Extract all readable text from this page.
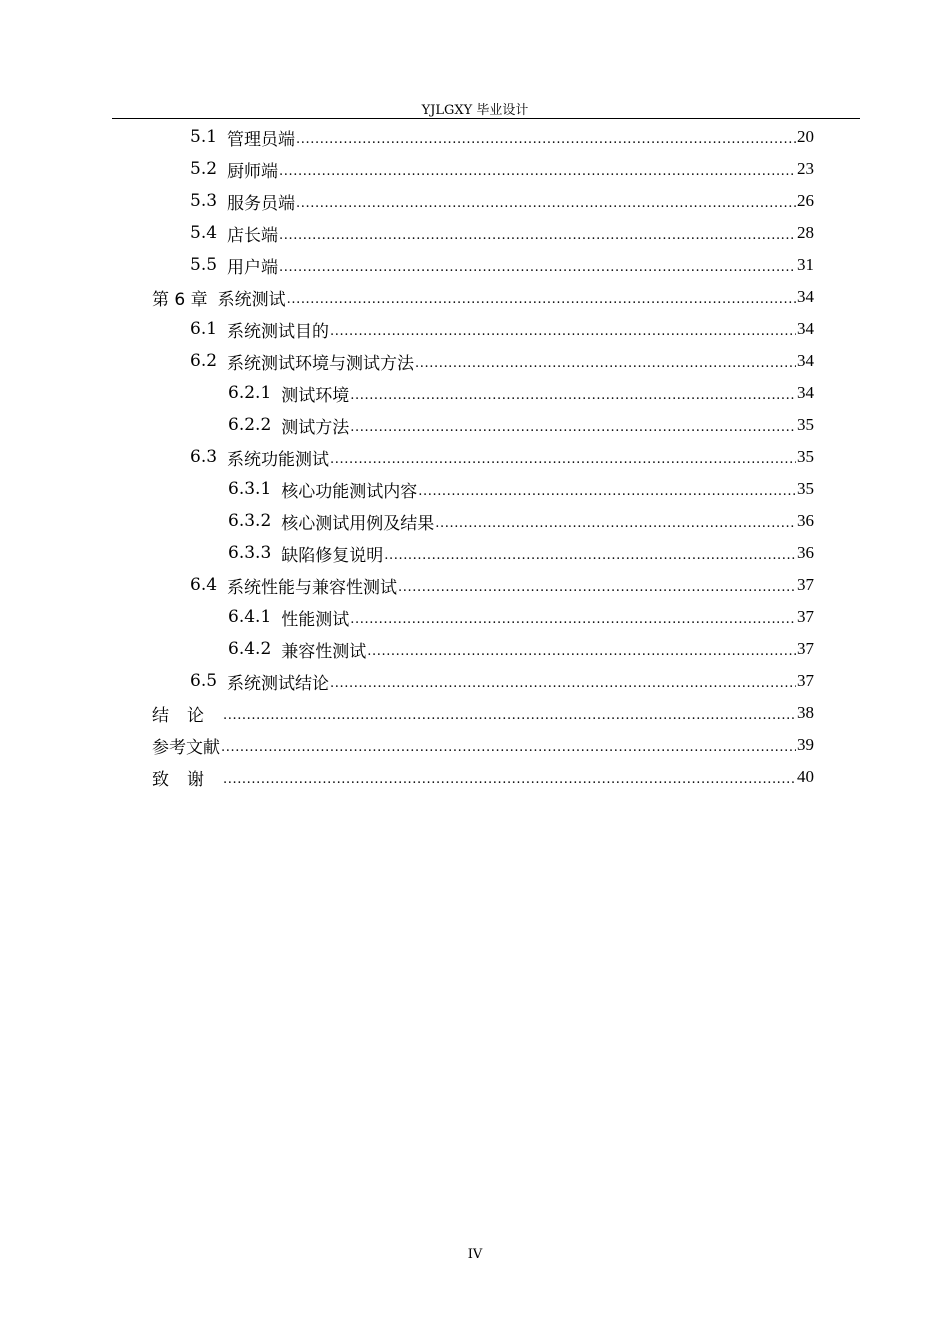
YJLGXY 毕业设计
5.1 管理员端 .....	20
5.2 厨师端 .....	23
5.3 服务员端 .....	26
5.4 店长端 .....	28
5.5 用户端 .....	31
第 6 章 系统测试 .....	34
6.1 系统测试目的 .....	34
6.2 系统测试环境与测试方法 .....	34
6.2.1 测试环境 .....	34
6.2.2 测试方法 .....	35
6.3 系统功能测试 .....	35
6.3.1 核心功能测试内容 .....	35
6.3.2 核心测试用例及结果 .....	36
6.3.3 缺陷修复说明 .....	36
6.4 系统性能与兼容性测试 .....	37
6.4.1 性能测试 .....	37
6.4.2 兼容性测试 .....	37
6.5 系统测试结论 .....	37
结论 .....	38
参考文献 .....	39
致谢 .....	40
IV
